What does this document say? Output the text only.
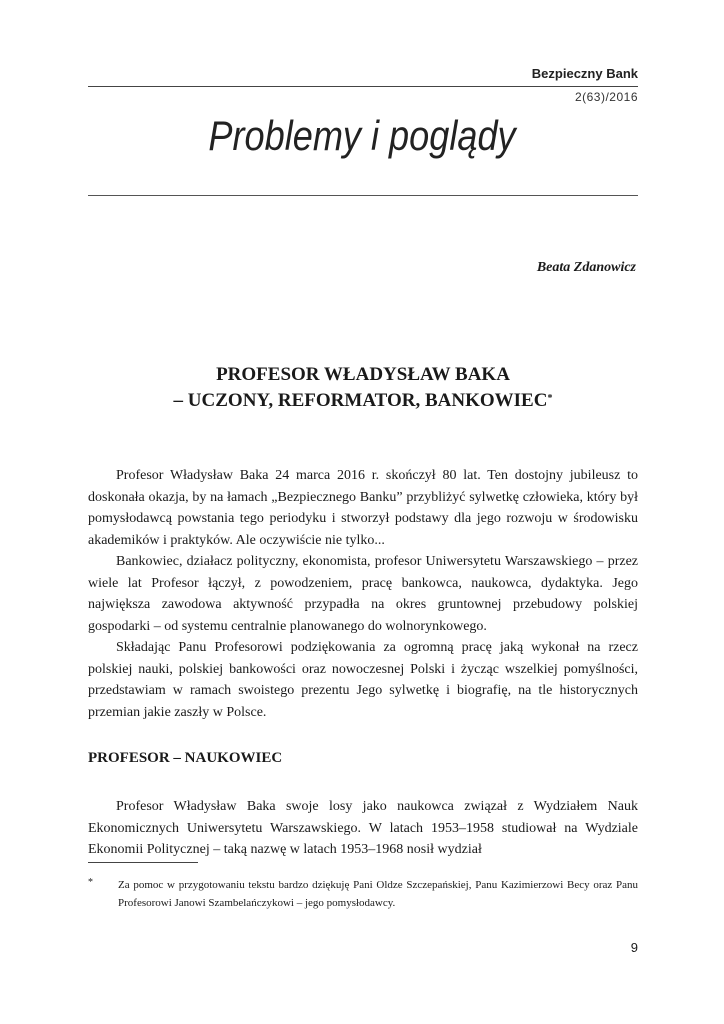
Bezpieczny Bank
2(63)/2016
Problemy i poglądy
Beata Zdanowicz
PROFESOR WŁADYSŁAW BAKA
– UCZONY, REFORMATOR, BANKOWIEC*

Profesor Władysław Baka 24 marca 2016 r. skończył 80 lat. Ten dostojny jubileusz to doskonała okazja, by na łamach „Bezpiecznego Banku” przybliżyć sylwetkę człowieka, który był pomysłodawcą powstania tego periodyku i stworzył podstawy dla jego rozwoju w środowisku akademików i praktyków. Ale oczywiście nie tylko...

Bankowiec, działacz polityczny, ekonomista, profesor Uniwersytetu Warszawskiego – przez wiele lat Profesor łączył, z powodzeniem, pracę bankowca, naukowca, dydaktyka. Jego największa zawodowa aktywność przypadła na okres gruntownej przebudowy polskiej gospodarki – od systemu centralnie planowanego do wolnorynkowego.

Składając Panu Profesorowi podziękowania za ogromną pracę jaką wykonał na rzecz polskiej nauki, polskiej bankowości oraz nowoczesnej Polski i życząc wszelkiej pomyślności, przedstawiam w ramach swoistego prezentu Jego sylwetkę i biografię, na tle historycznych przemian jakie zaszły w Polsce.

PROFESOR – NAUKOWIEC

Profesor Władysław Baka swoje losy jako naukowca związał z Wydziałem Nauk Ekonomicznych Uniwersytetu Warszawskiego. W latach 1953–1958 studiował na Wydziale Ekonomii Politycznej – taką nazwę w latach 1953–1968 nosił wydział

* Za pomoc w przygotowaniu tekstu bardzo dziękuję Pani Oldze Szczepańskiej, Panu Kazimierzowi Becy oraz Panu Profesorowi Janowi Szambelańczykowi – jego pomysłodawcy.
9
